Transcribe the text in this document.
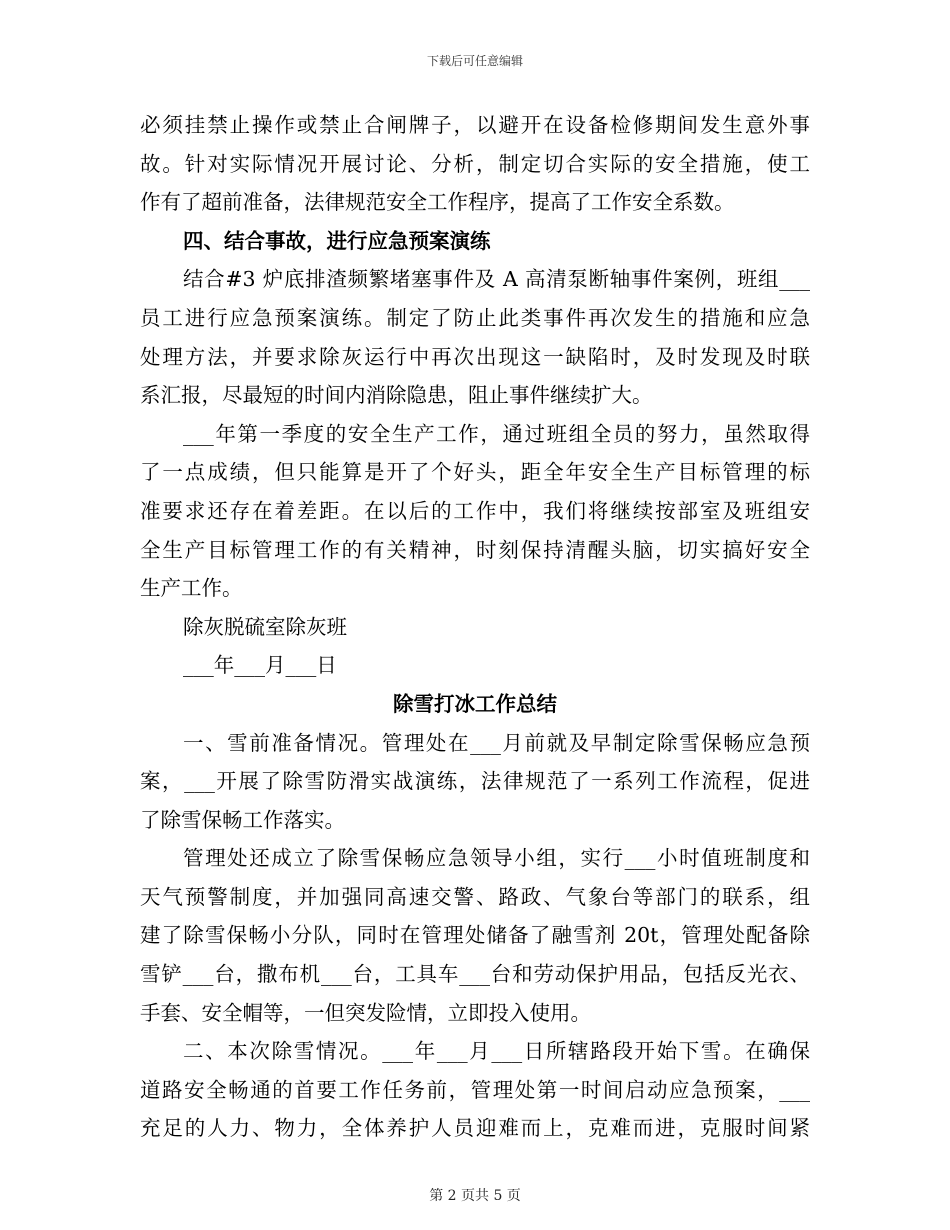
下载后可任意编辑
必须挂禁止操作或禁止合闸牌子，以避开在设备检修期间发生意外事
故。针对实际情况开展讨论、分析，制定切合实际的安全措施，使工
作有了超前准备，法律规范安全工作程序，提高了工作安全系数。
四、结合事故，进行应急预案演练
结合#3 炉底排渣频繁堵塞事件及 A 高清泵断轴事件案例，班组___
员工进行应急预案演练。制定了防止此类事件再次发生的措施和应急
处理方法，并要求除灰运行中再次出现这一缺陷时，及时发现及时联
系汇报，尽最短的时间内消除隐患，阻止事件继续扩大。
___年第一季度的安全生产工作，通过班组全员的努力，虽然取得
了一点成绩，但只能算是开了个好头，距全年安全生产目标管理的标
准要求还存在着差距。在以后的工作中，我们将继续按部室及班组安
全生产目标管理工作的有关精神，时刻保持清醒头脑，切实搞好安全
生产工作。
除灰脱硫室除灰班
___年___月___日
除雪打冰工作总结
一、雪前准备情况。管理处在___月前就及早制定除雪保畅应急预
案，___开展了除雪防滑实战演练，法律规范了一系列工作流程，促进
了除雪保畅工作落实。
管理处还成立了除雪保畅应急领导小组，实行___小时值班制度和
天气预警制度，并加强同高速交警、路政、气象台等部门的联系，组
建了除雪保畅小分队，同时在管理处储备了融雪剂 20t，管理处配备除
雪铲___台，撒布机___台，工具车___台和劳动保护用品，包括反光衣、
手套、安全帽等，一但突发险情，立即投入使用。
二、本次除雪情况。___年___月___日所辖路段开始下雪。在确保
道路安全畅通的首要工作任务前，管理处第一时间启动应急预案，___
充足的人力、物力，全体养护人员迎难而上，克难而进，克服时间紧
第 2 页共 5 页
